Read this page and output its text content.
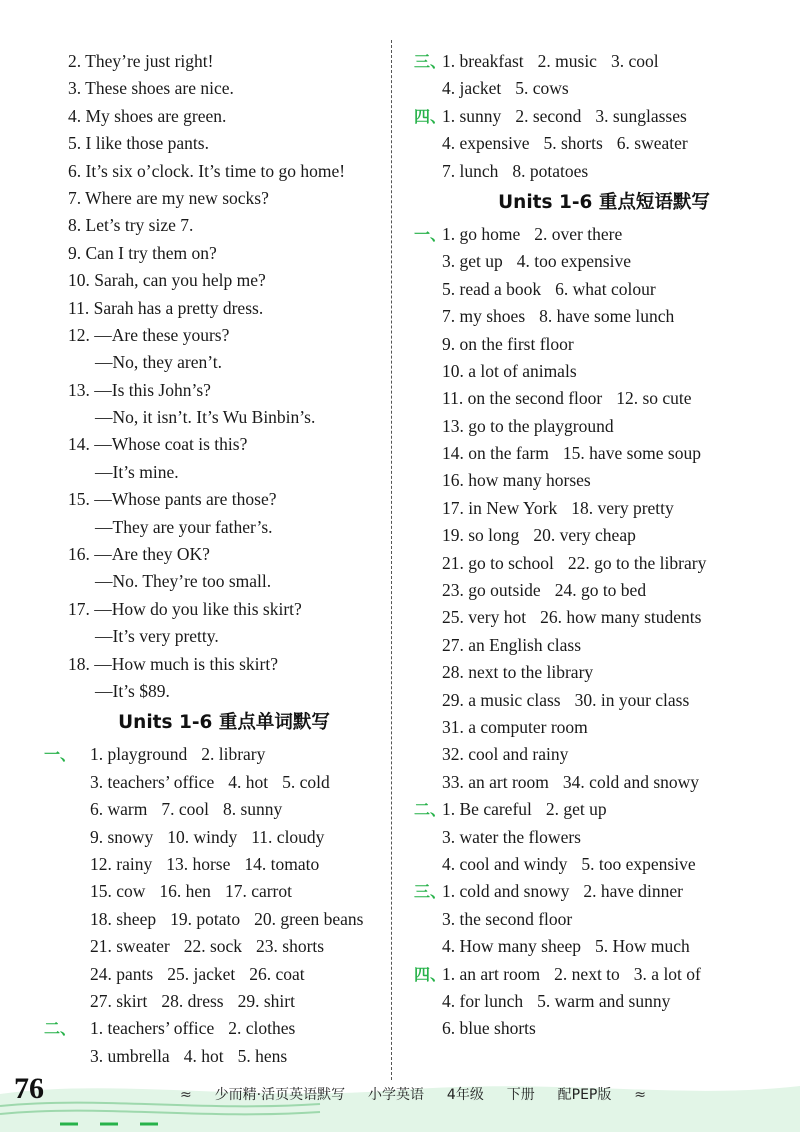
2. They’re just right!
3. These shoes are nice.
4. My shoes are green.
5. I like those pants.
6. It’s six o’clock. It’s time to go home!
7. Where are my new socks?
8. Let’s try size 7.
9. Can I try them on?
10. Sarah, can you help me?
11. Sarah has a pretty dress.
12. —Are these yours?
—No, they aren’t.
13. —Is this John’s?
—No, it isn’t. It’s Wu Binbin’s.
14. —Whose coat is this?
—It’s mine.
15. —Whose pants are those?
—They are your father’s.
16. —Are they OK?
—No. They’re too small.
17. —How do you like this skirt?
—It’s very pretty.
18. —How much is this skirt?
—It’s $89.
Units 1-6 重点单词默写
一、 1. playground 2. library
3. teachers’ office 4. hot 5. cold
6. warm 7. cool 8. sunny
9. snowy 10. windy 11. cloudy
12. rainy 13. horse 14. tomato
15. cow 16. hen 17. carrot
18. sheep 19. potato 20. green beans
21. sweater 22. sock 23. shorts
24. pants 25. jacket 26. coat
27. skirt 28. dress 29. shirt
二、 1. teachers’ office 2. clothes
3. umbrella 4. hot 5. hens
三、
1. breakfast 2. music 3. cool
4. jacket 5. cows
四、
1. sunny 2. second 3. sunglasses
4. expensive 5. shorts 6. sweater
7. lunch 8. potatoes
Units 1-6 重点短语默写
一、
1. go home 2. over there
3. get up 4. too expensive
5. read a book 6. what colour
7. my shoes 8. have some lunch
9. on the first floor
10. a lot of animals
11. on the second floor 12. so cute
13. go to the playground
14. on the farm 15. have some soup
16. how many horses
17. in New York 18. very pretty
19. so long 20. very cheap
21. go to school 22. go to the library
23. go outside 24. go to bed
25. very hot 26. how many students
27. an English class
28. next to the library
29. a music class 30. in your class
31. a computer room
32. cool and rainy
33. an art room 34. cold and snowy
二、
1. Be careful 2. get up
3. water the flowers
4. cool and windy 5. too expensive
三、
1. cold and snowy 2. have dinner
3. the second floor
4. How many sheep 5. How much
四、
1. an art room 2. next to 3. a lot of
4. for lunch 5. warm and sunny
6. blue shorts
76	≈ 少而精·活页英语默写 小学英语 4年级 下册 配PEP版 ≈
